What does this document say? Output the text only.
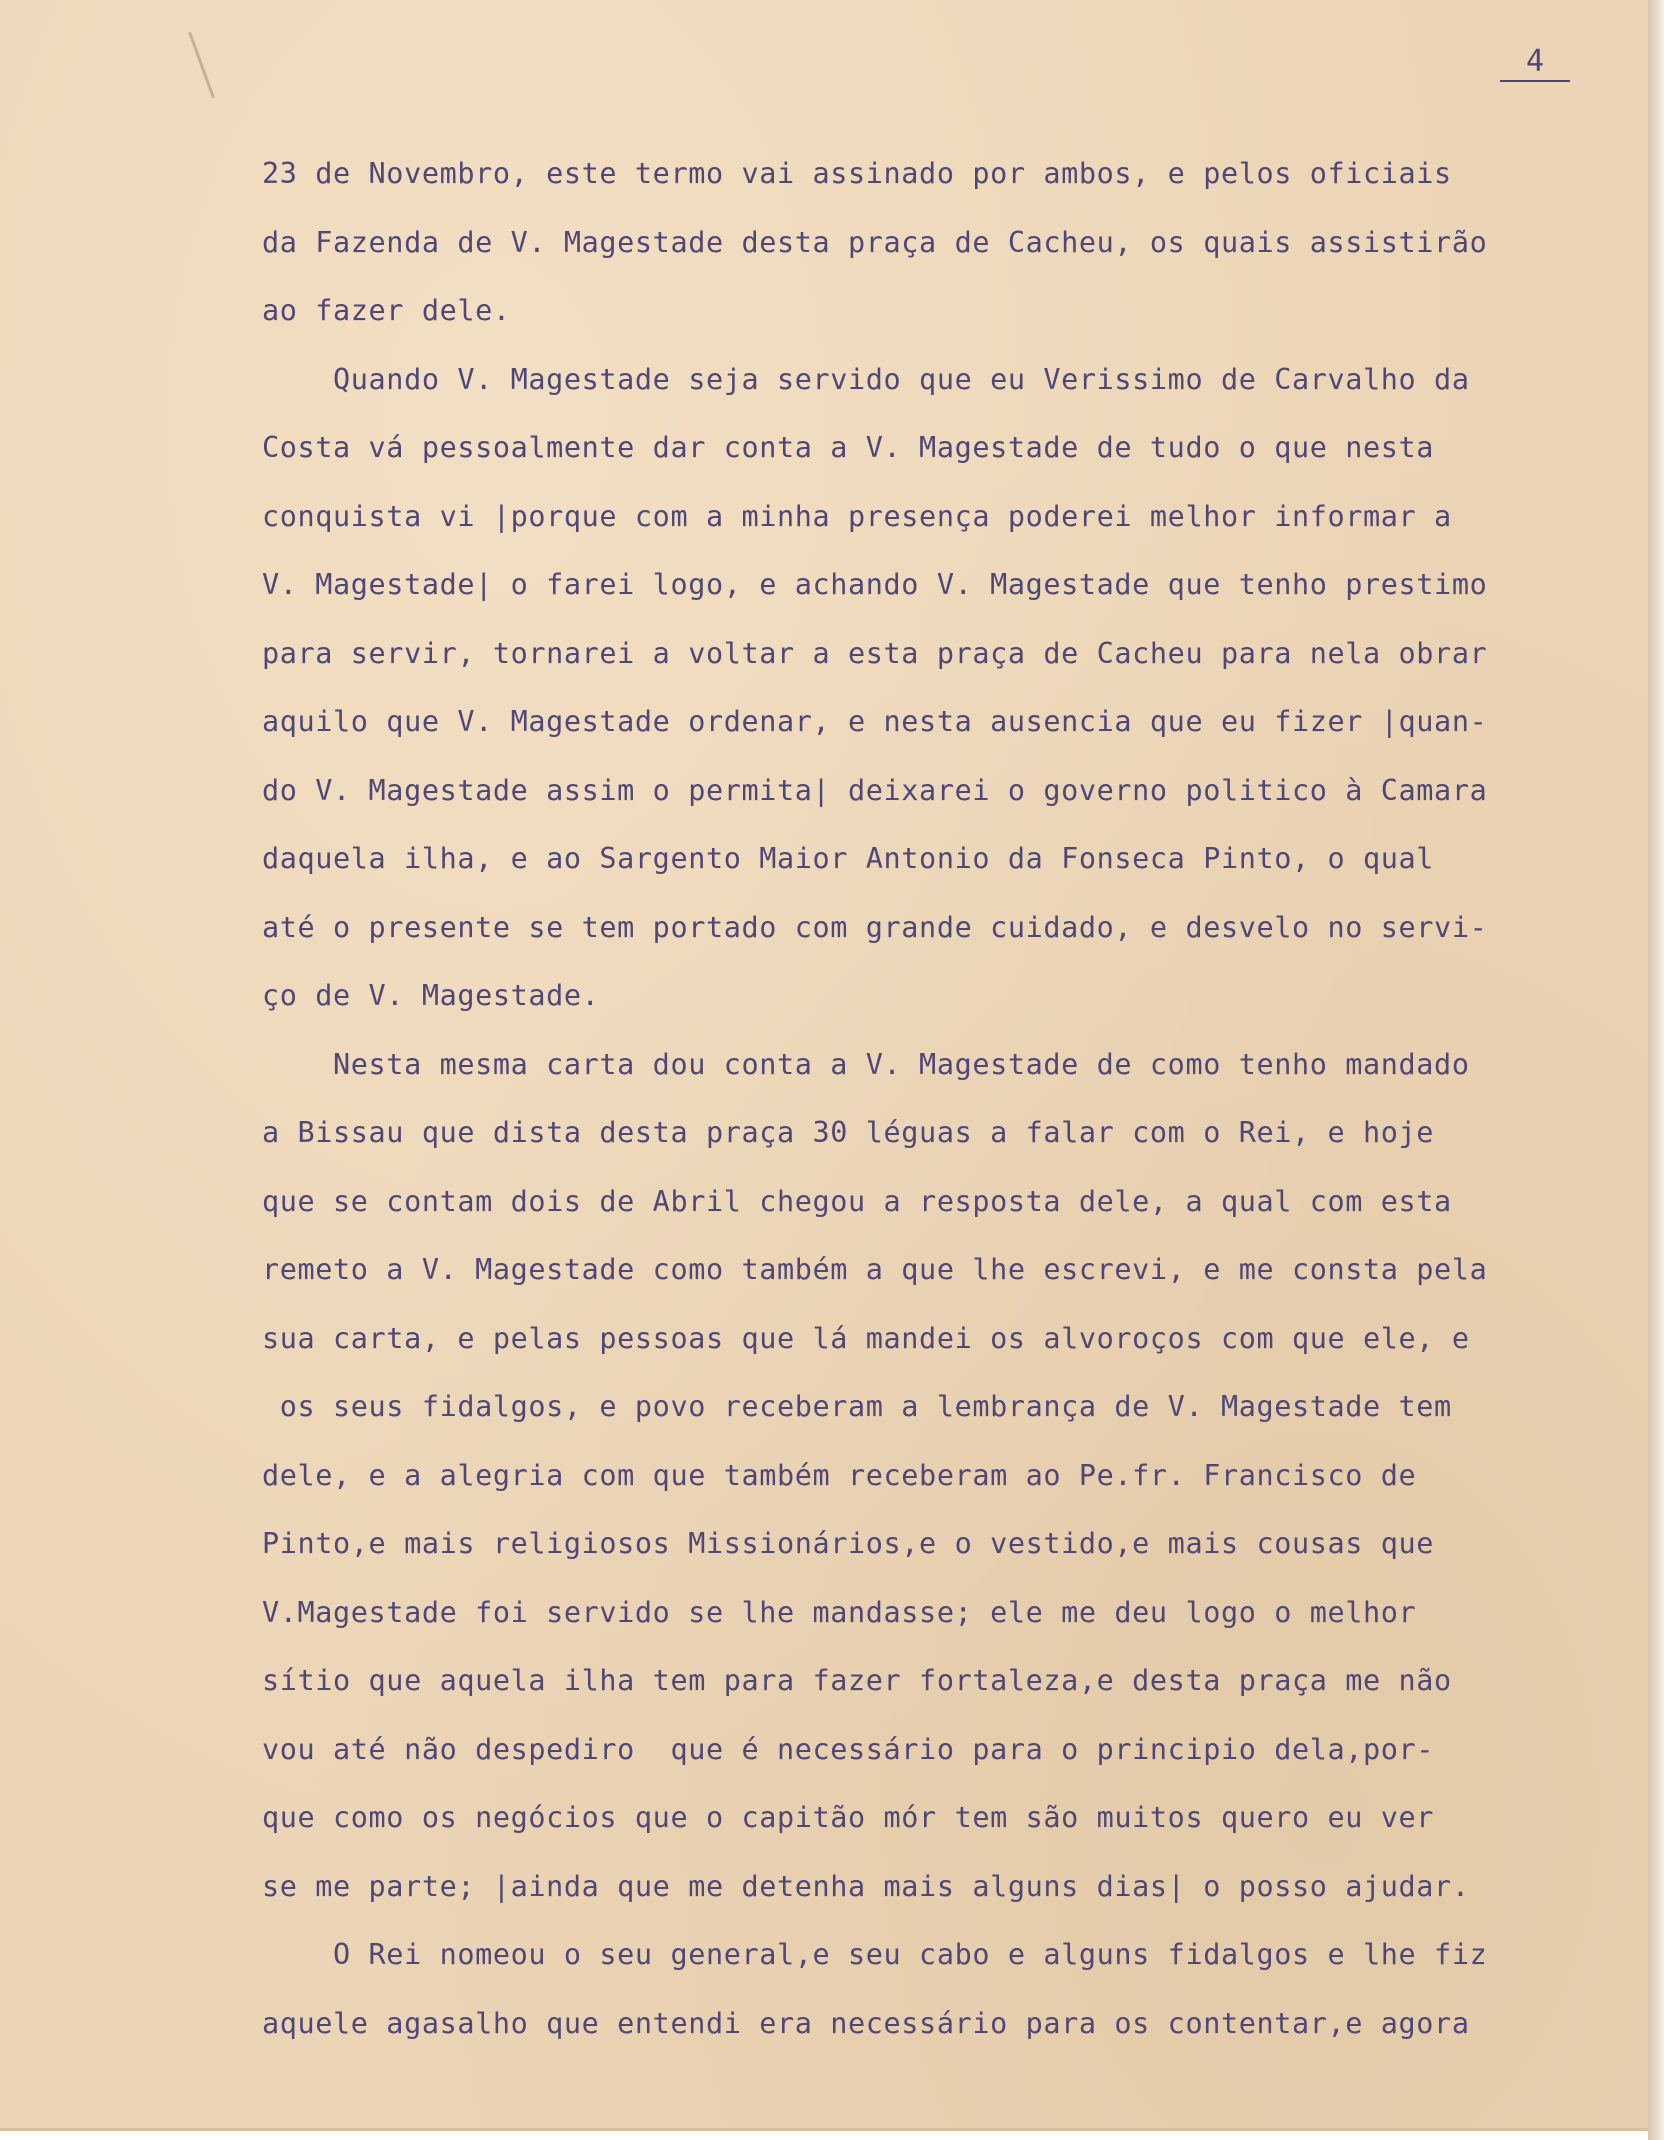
4
23 de Novembro, este termo vai assinado por ambos, e pelos oficiais
da Fazenda de V. Magestade desta praça de Cacheu, os quais assistirão
ao fazer dele.
Quando V. Magestade seja servido que eu Verissimo de Carvalho da
Costa vá pessoalmente dar conta a V. Magestade de tudo o que nesta
conquista vi |porque com a minha presença poderei melhor informar a
V. Magestade| o farei logo, e achando V. Magestade que tenho prestimo
para servir, tornarei a voltar a esta praça de Cacheu para nela obrar
aquilo que V. Magestade ordenar, e nesta ausencia que eu fizer |quan-
do V. Magestade assim o permita| deixarei o governo politico à Camara
daquela ilha, e ao Sargento Maior Antonio da Fonseca Pinto, o qual
até o presente se tem portado com grande cuidado, e desvelo no servi-
ço de V. Magestade.
Nesta mesma carta dou conta a V. Magestade de como tenho mandado
a Bissau que dista desta praça 30 léguas a falar com o Rei, e hoje
que se contam dois de Abril chegou a resposta dele, a qual com esta
remeto a V. Magestade como também a que lhe escrevi, e me consta pela
sua carta, e pelas pessoas que lá mandei os alvoroços com que ele, e
os seus fidalgos, e povo receberam a lembrança de V. Magestade tem
dele, e a alegria com que também receberam ao Pe.fr. Francisco de
Pinto,e mais religiosos Missionários,e o vestido,e mais cousas que
V.Magestade foi servido se lhe mandasse; ele me deu logo o melhor
sítio que aquela ilha tem para fazer fortaleza,e desta praça me não
vou até não despediro  que é necessário para o principio dela,por-
que como os negócios que o capitão mór tem são muitos quero eu ver
se me parte; |ainda que me detenha mais alguns dias| o posso ajudar.
O Rei nomeou o seu general,e seu cabo e alguns fidalgos e lhe fiz
aquele agasalho que entendi era necessário para os contentar,e agora
